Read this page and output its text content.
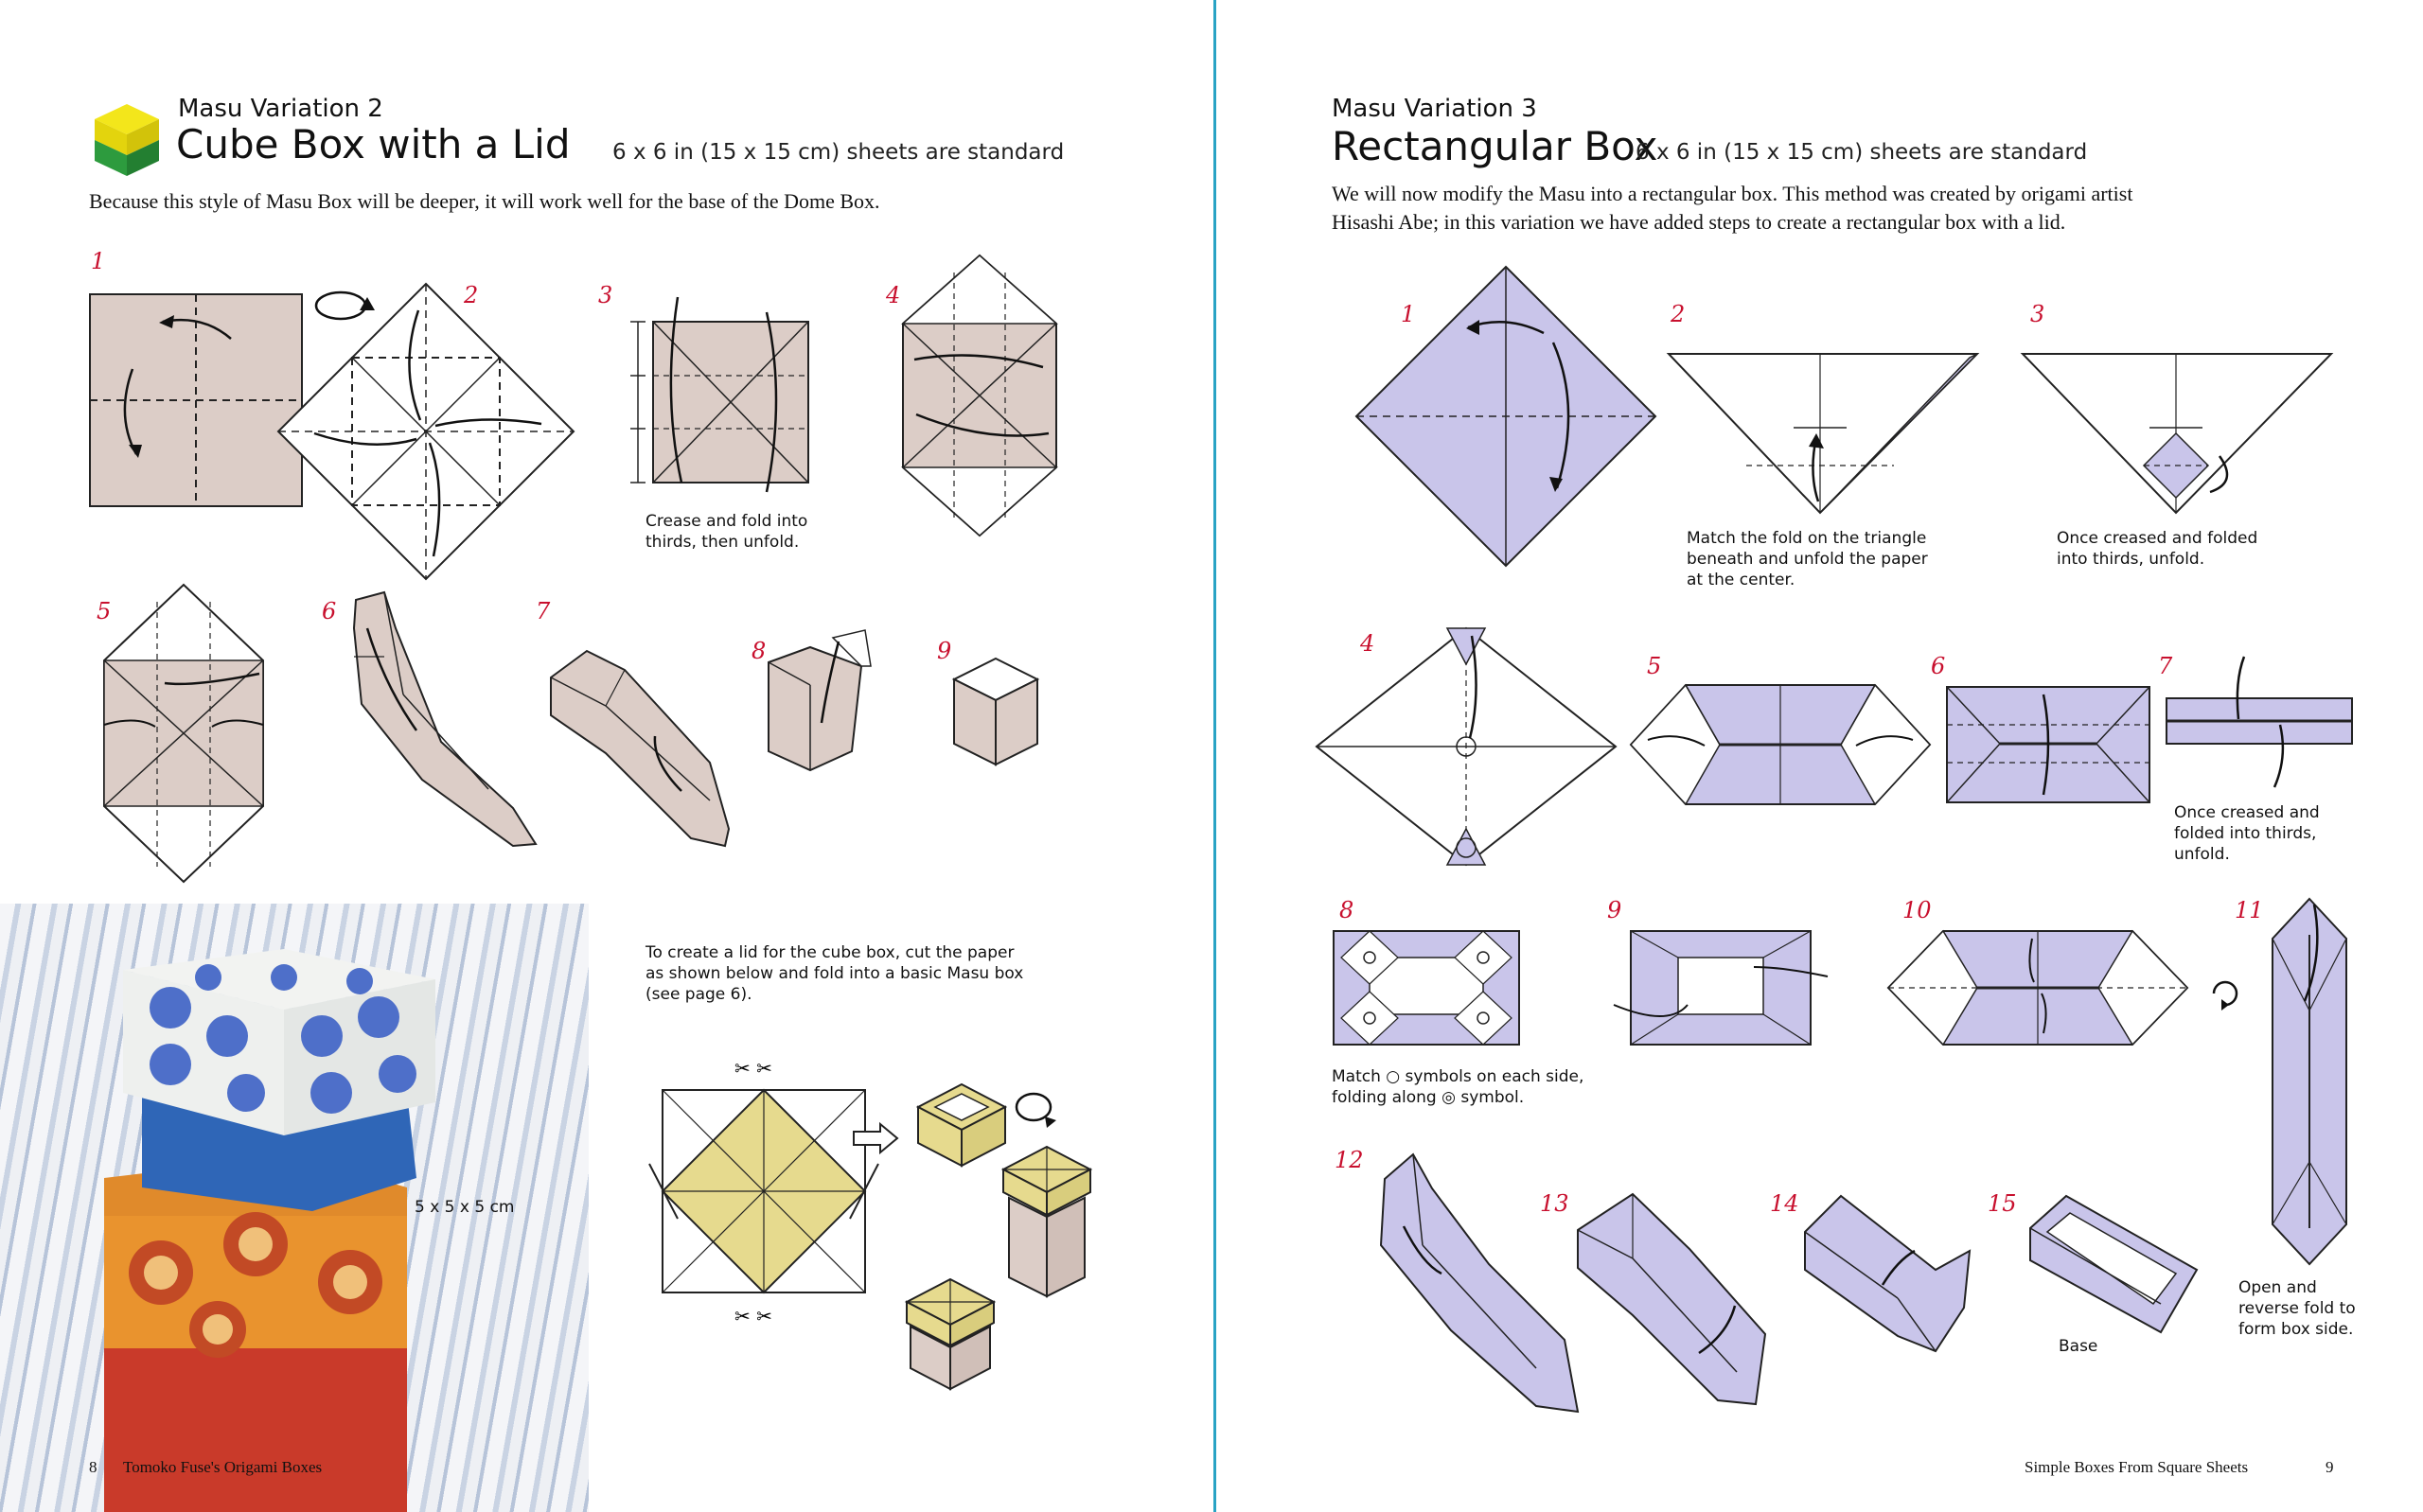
Masu Variation 2
Cube Box with a Lid 6 x 6 in (15 x 15 cm) sheets are standard
Because this style of Masu Box will be deeper, it will work well for the base of the Dome Box.
1
2	3	4
5	6	7
8	9
Crease and fold into
thirds, then unfold.
5 x 5 x 5 cm
8 Tomoko Fuse's Origami Boxes
To create a lid for the cube box, cut the paper
as shown below and fold into a basic Masu box
(see page 6).
✂ ✂
✂ ✂
Masu Variation 3
Rectangular Box
6 x 6 in (15 x 15 cm) sheets are standard
We will now modify the Masu into a rectangular box. This method was created by origami artist
Hisashi Abe; in this variation we have added steps to create a rectangular box with a lid.
1	2	3
4
5	6	7
8	9	10	11
12
13	14	15
Match the fold on the triangle
beneath and unfold the paper
at the center.
Once creased and folded
into thirds, unfold.
Once creased and
folded into thirds,
unfold.
Match ○ symbols on each side,
folding along ◎ symbol.
Open and
reverse fold to
form box side.
Base
Simple Boxes From Square Sheets	9
